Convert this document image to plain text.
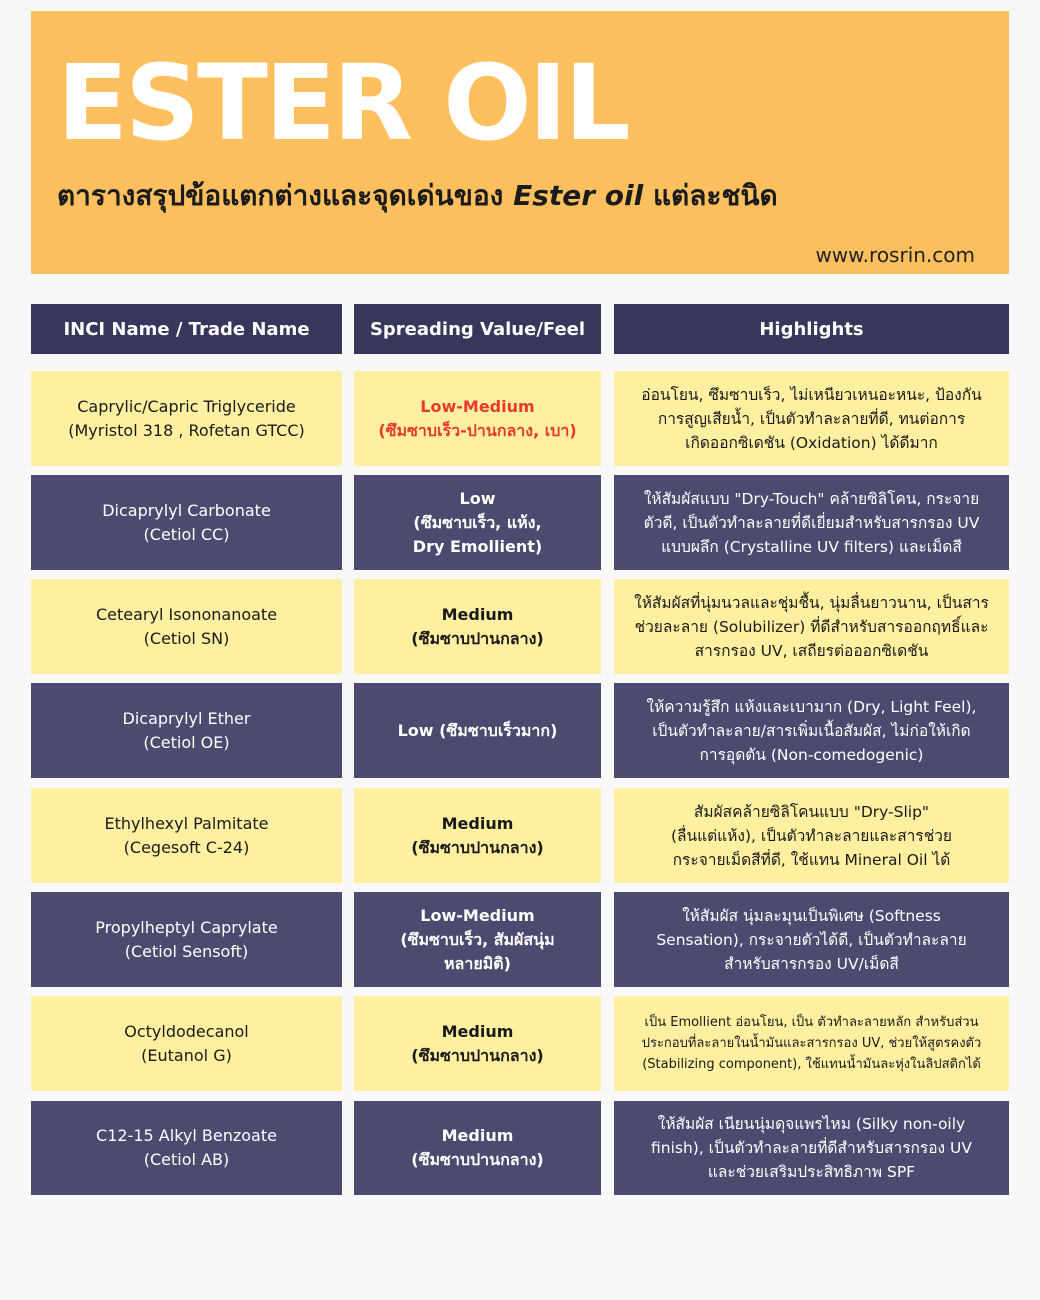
ESTER OIL
ตารางสรุปข้อแตกต่างและจุดเด่นของ Ester oil แต่ละชนิด
www.rosrin.com
INCI Name / Trade Name	Spreading Value/Feel	Highlights
Caprylic/Capric Triglyceride
(Myristol 318 , Rofetan GTCC)
Low-Medium
(ซึมซาบเร็ว-ปานกลาง, เบา)
อ่อนโยน, ซึมซาบเร็ว, ไม่เหนียวเหนอะหนะ, ป้องกัน
การสูญเสียน้ำ, เป็นตัวทำละลายที่ดี, ทนต่อการ
เกิดออกซิเดชัน (Oxidation) ได้ดีมาก
Dicaprylyl Carbonate
(Cetiol CC)
Low
(ซึมซาบเร็ว, แห้ง,
Dry Emollient)
ให้สัมผัสแบบ "Dry-Touch" คล้ายซิลิโคน, กระจาย
ตัวดี, เป็นตัวทำละลายที่ดีเยี่ยมสำหรับสารกรอง UV
แบบผลึก (Crystalline UV filters) และเม็ดสี
Cetearyl Isononanoate
(Cetiol SN)
Medium
(ซึมซาบปานกลาง)
ให้สัมผัสที่นุ่มนวลและชุ่มชื้น, นุ่มลื่นยาวนาน, เป็นสาร
ช่วยละลาย (Solubilizer) ที่ดีสำหรับสารออกฤทธิ์และ
สารกรอง UV, เสถียรต่อออกซิเดชัน
Dicaprylyl Ether
(Cetiol OE)
Low (ซึมซาบเร็วมาก)
ให้ความรู้สึก แห้งและเบามาก (Dry, Light Feel),
เป็นตัวทำละลาย/สารเพิ่มเนื้อสัมผัส, ไม่ก่อให้เกิด
การอุดตัน (Non-comedogenic)
Ethylhexyl Palmitate
(Cegesoft C-24)
Medium
(ซึมซาบปานกลาง)
สัมผัสคล้ายซิลิโคนแบบ "Dry-Slip"
(ลื่นแต่แห้ง), เป็นตัวทำละลายและสารช่วย
กระจายเม็ดสีที่ดี, ใช้แทน Mineral Oil ได้
Propylheptyl Caprylate
(Cetiol Sensoft)
Low-Medium
(ซึมซาบเร็ว, สัมผัสนุ่ม
หลายมิติ)
ให้สัมผัส นุ่มละมุนเป็นพิเศษ (Softness
Sensation), กระจายตัวได้ดี, เป็นตัวทำละลาย
สำหรับสารกรอง UV/เม็ดสี
Octyldodecanol
(Eutanol G)
Medium
(ซึมซาบปานกลาง)
เป็น Emollient อ่อนโยน, เป็น ตัวทำละลายหลัก สำหรับส่วน
ประกอบที่ละลายในน้ำมันและสารกรอง UV, ช่วยให้สูตรคงตัว
(Stabilizing component), ใช้แทนน้ำมันละหุ่งในลิปสติกได้
C12-15 Alkyl Benzoate
(Cetiol AB)
Medium
(ซึมซาบปานกลาง)
ให้สัมผัส เนียนนุ่มดุจแพรไหม (Silky non-oily
finish), เป็นตัวทำละลายที่ดีสำหรับสารกรอง UV
และช่วยเสริมประสิทธิภาพ SPF
